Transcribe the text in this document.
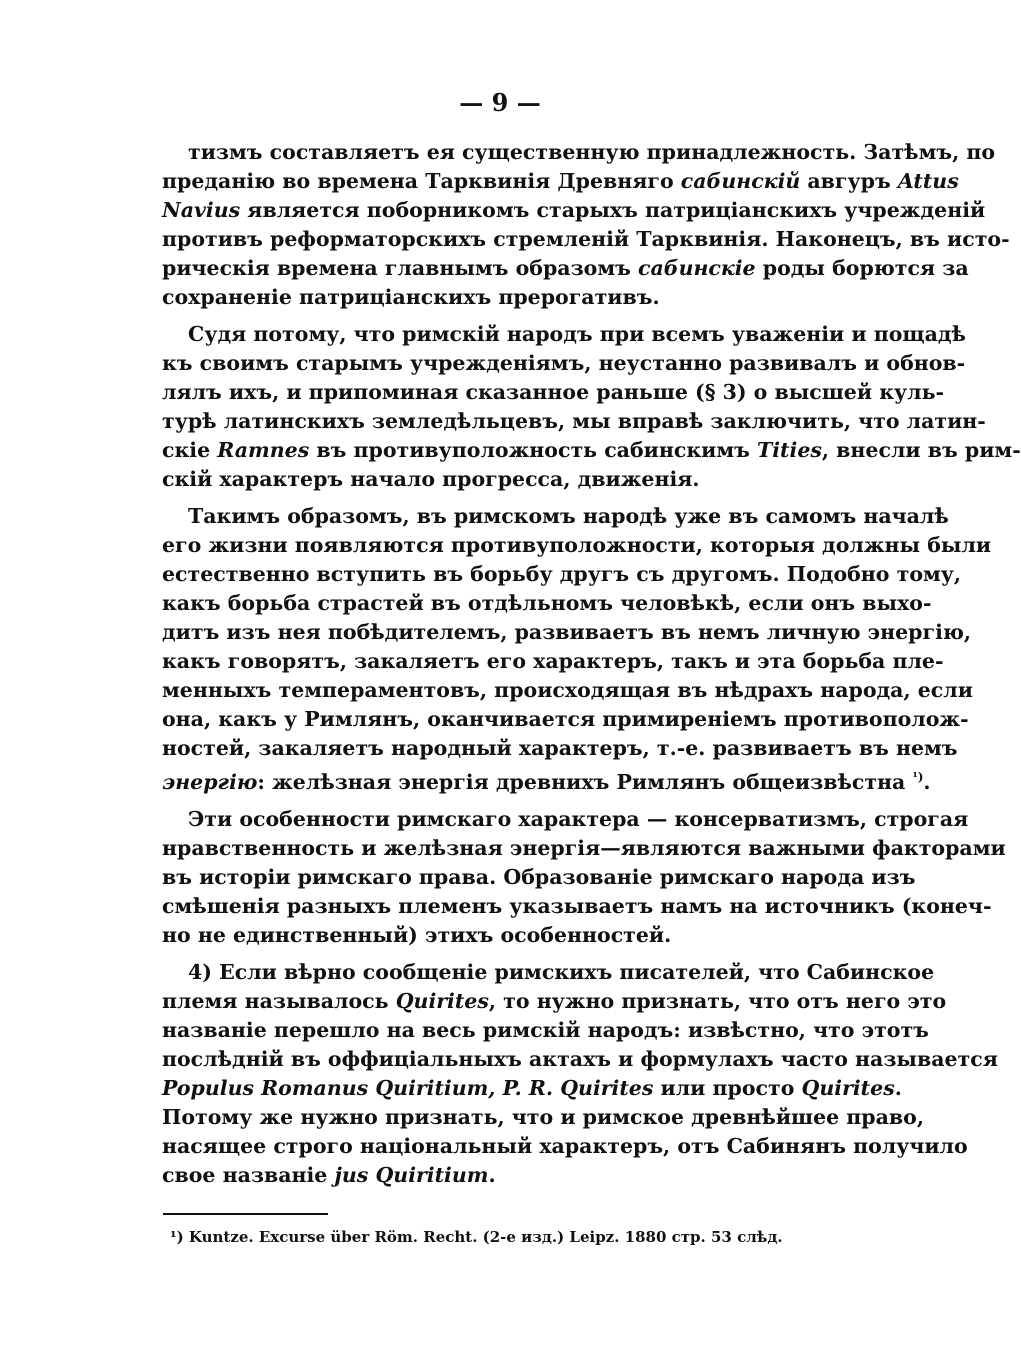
— 9 —
тизмъ составляетъ ея существенную принадлежность. Затѣмъ, по
преданію во времена Тарквинія Древняго сабинскій авгуръ Attus
Navius является поборникомъ старыхъ патриціанскихъ учрежденій
противъ реформаторскихъ стремленій Тарквинія. Наконецъ, въ исто-
рическія времена главнымъ образомъ сабинскіе роды борются за
сохраненіе патриціанскихъ прерогативъ.
Судя потому, что римскій народъ при всемъ уваженіи и пощадѣ
къ своимъ старымъ учрежденіямъ, неустанно развивалъ и обнов-
лялъ ихъ, и припоминая сказанное раньше (§ 3) о высшей куль-
турѣ латинскихъ земледѣльцевъ, мы вправѣ заключить, что латин-
скіе Ramnes въ противуположность сабинскимъ Tities, внесли въ рим-
скій характеръ начало прогресса, движенія.
Такимъ образомъ, въ римскомъ народѣ уже въ самомъ началѣ
его жизни появляются противуположности, которыя должны были
естественно вступить въ борьбу другъ съ другомъ. Подобно тому,
какъ борьба страстей въ отдѣльномъ человѣкѣ, если онъ выхо-
дитъ изъ нея побѣдителемъ, развиваетъ въ немъ личную энергію,
какъ говорятъ, закаляетъ его характеръ, такъ и эта борьба пле-
менныхъ темпераментовъ, происходящая въ нѣдрахъ народа, если
она, какъ у Римлянъ, оканчивается примиреніемъ противополож-
ностей, закаляетъ народный характеръ, т.-е. развиваетъ въ немъ
энергію: желѣзная энергія древнихъ Римлянъ общеизвѣстна $^{^1)}$.
Эти особенности римскаго характера — консерватизмъ, строгая
нравственность и желѣзная энергія—являются важными факторами
въ исторіи римскаго права. Образованіе римскаго народа изъ
смѣшенія разныхъ племенъ указываетъ намъ на источникъ (конеч-
но не единственный) этихъ особенностей.
4) Если вѣрно сообщеніе римскихъ писателей, что Сабинское
племя называлось Quirites, то нужно признать, что отъ него это
названіе перешло на весь римскій народъ: извѣстно, что этотъ
послѣдній въ оффиціальныхъ актахъ и формулахъ часто называется
Populus Romanus Quiritium, P. R. Quirites или просто Quirites.
Потому же нужно признать, что и римское древнѣйшее право,
насящее строго національный характеръ, отъ Сабинянъ получило
свое названіе jus Quiritium.
¹) Kuntze. Excurse über Röm. Recht. (2-е изд.) Leipz. 1880 стр. 53 слѣд.
